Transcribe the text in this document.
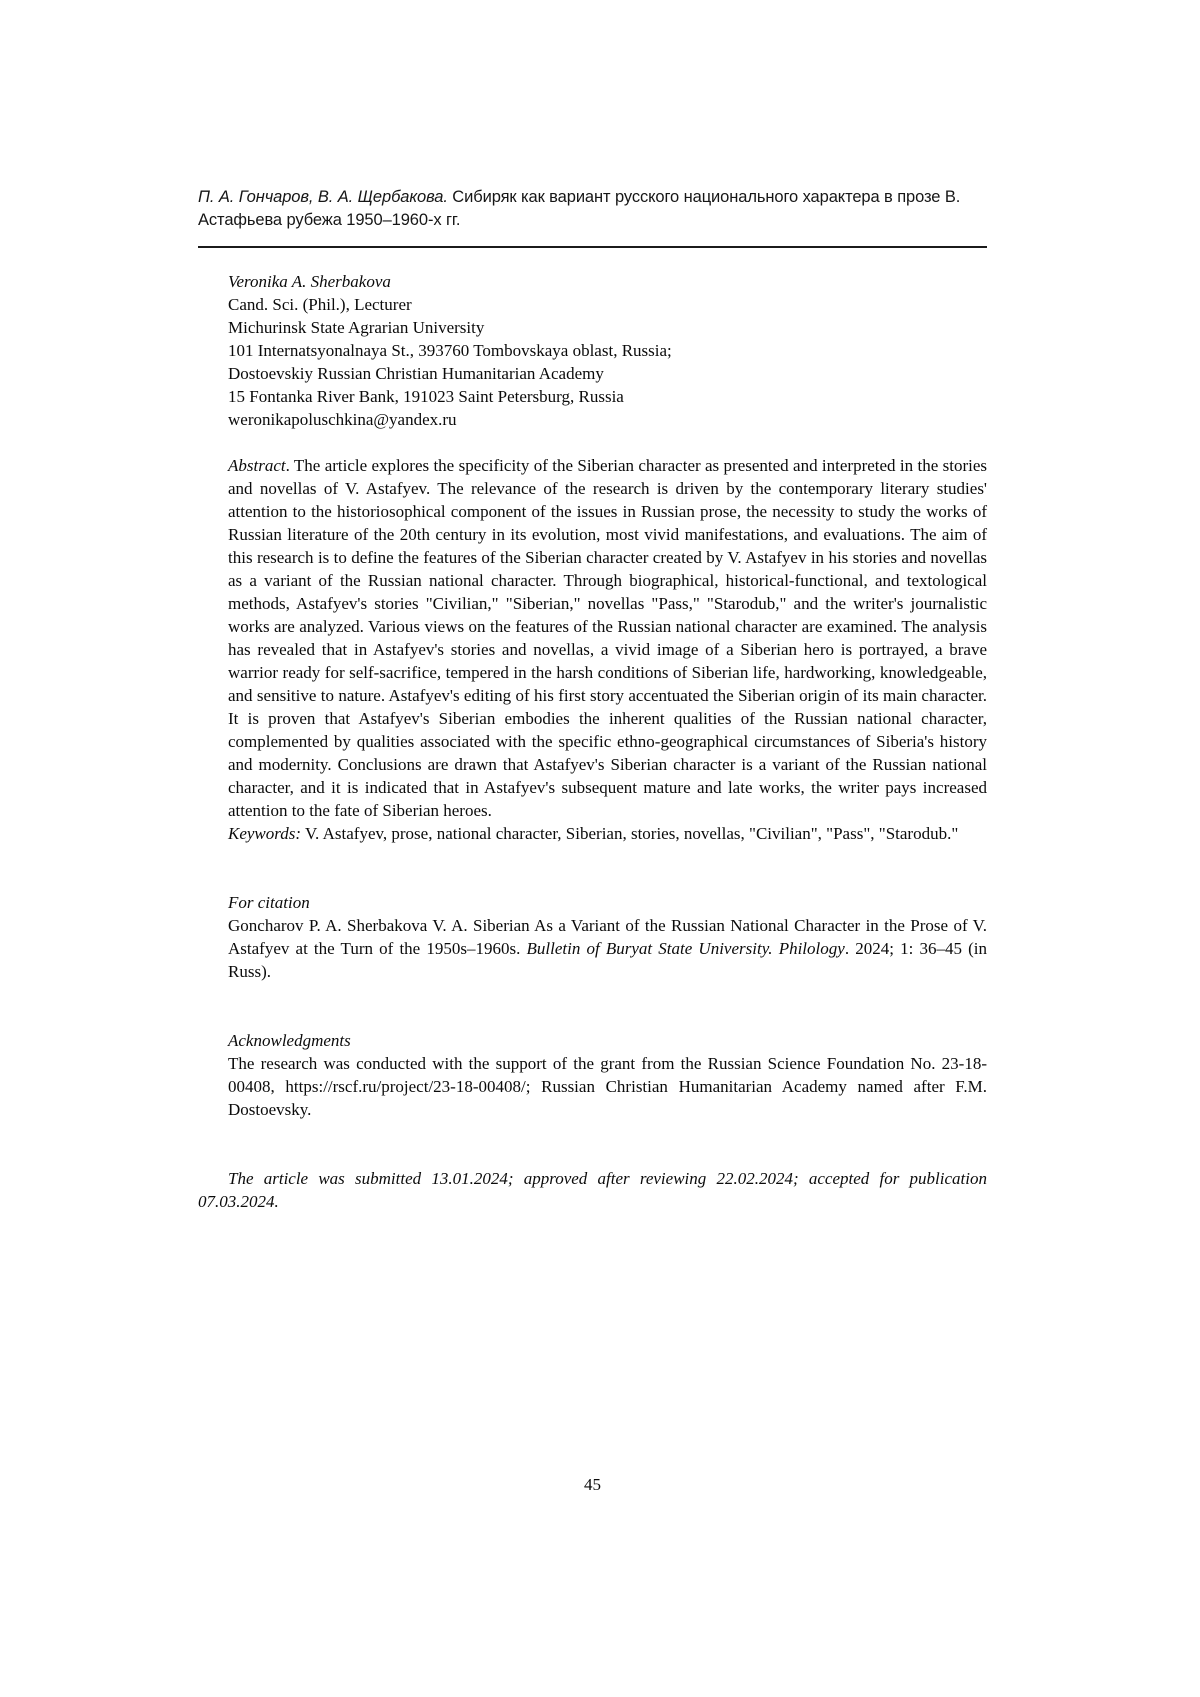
П. А. Гончаров, В. А. Щербакова. Сибиряк как вариант русского национального характера в прозе В. Астафьева рубежа 1950–1960-х гг.
Veronika A. Sherbakova
Cand. Sci. (Phil.), Lecturer
Michurinsk State Agrarian University
101 Internatsyonalnaya St., 393760 Tombovskaya oblast, Russia;
Dostoevskiy Russian Christian Humanitarian Academy
15 Fontanka River Bank, 191023 Saint Petersburg, Russia
weronikapoluschkina@yandex.ru

Abstract. The article explores the specificity of the Siberian character as presented and interpreted in the stories and novellas of V. Astafyev. The relevance of the research is driven by the contemporary literary studies' attention to the historiosophical component of the issues in Russian prose, the necessity to study the works of Russian literature of the 20th century in its evolution, most vivid manifestations, and evaluations. The aim of this research is to define the features of the Siberian character created by V. Astafyev in his stories and novellas as a variant of the Russian national character. Through biographical, historical-functional, and textological methods, Astafyev's stories "Civilian," "Siberian," novellas "Pass," "Starodub," and the writer's journalistic works are analyzed. Various views on the features of the Russian national character are examined. The analysis has revealed that in Astafyev's stories and novellas, a vivid image of a Siberian hero is portrayed, a brave warrior ready for self-sacrifice, tempered in the harsh conditions of Siberian life, hardworking, knowledgeable, and sensitive to nature. Astafyev's editing of his first story accentuated the Siberian origin of its main character. It is proven that Astafyev's Siberian embodies the inherent qualities of the Russian national character, complemented by qualities associated with the specific ethno-geographical circumstances of Siberia's history and modernity. Conclusions are drawn that Astafyev's Siberian character is a variant of the Russian national character, and it is indicated that in Astafyev's subsequent mature and late works, the writer pays increased attention to the fate of Siberian heroes.

Keywords: V. Astafyev, prose, national character, Siberian, stories, novellas, "Civilian", "Pass", "Starodub."

For citation
Goncharov P. A. Sherbakova V. A. Siberian As a Variant of the Russian National Character in the Prose of V. Astafyev at the Turn of the 1950s–1960s. Bulletin of Buryat State University. Philology. 2024; 1: 36–45 (in Russ).
Acknowledgments
The research was conducted with the support of the grant from the Russian Science Foundation No. 23-18-00408, https://rscf.ru/project/23-18-00408/; Russian Christian Humanitarian Academy named after F.M. Dostoevsky.

The article was submitted 13.01.2024; approved after reviewing 22.02.2024; accepted for publication 07.03.2024.

45
